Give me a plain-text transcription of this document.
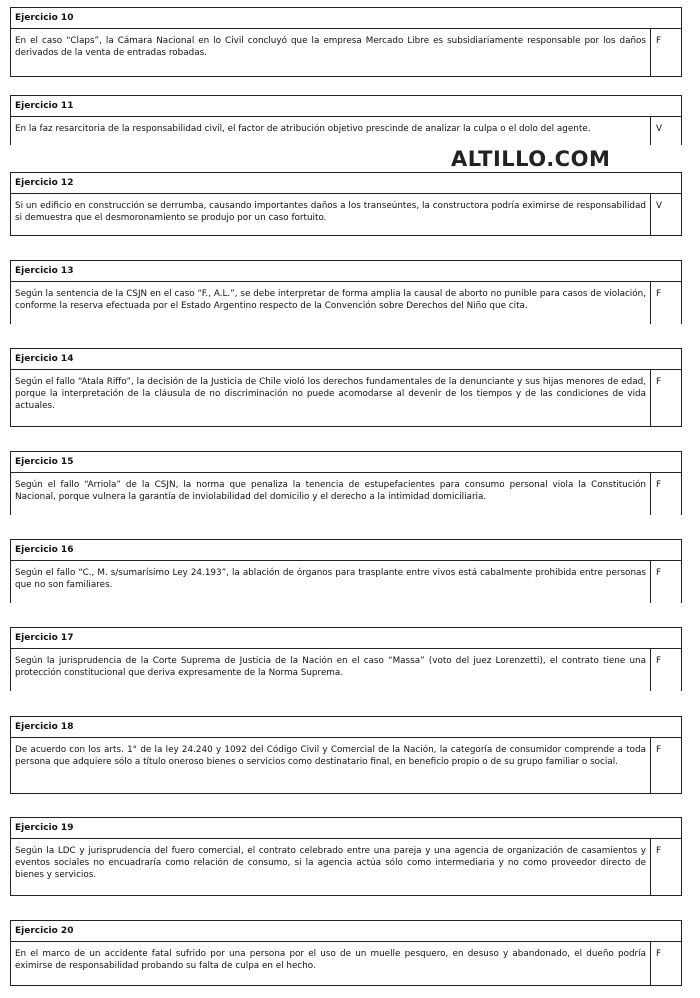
Ejercicio 10
En el caso “Claps”, la Cámara Nacional en lo Civil concluyó que la empresa Mercado Libre es subsidiariamente responsable por los daños derivados de la venta de entradas robadas.
F
Ejercicio 11
En la faz resarcitoria de la responsabilidad civil, el factor de atribución objetivo prescinde de analizar la culpa o el dolo del agente.	V
Ejercicio 12
Si un edificio en construcción se derrumba, causando importantes daños a los transeúntes, la constructora podría eximirse de responsabilidad si demuestra que el desmoronamiento se produjo por un caso fortuito.
V
Ejercicio 13
Según la sentencia de la CSJN en el caso “F., A.L.”, se debe interpretar de forma amplia la causal de aborto no punible para casos de violación, conforme la reserva efectuada por el Estado Argentino respecto de la Convención sobre Derechos del Niño que cita.
F
Ejercicio 14
Según el fallo “Atala Riffo”, la decisión de la Justicia de Chile violó los derechos fundamentales de la denunciante y sus hijas menores de edad, porque la interpretación de la cláusula de no discriminación no puede acomodarse al devenir de los tiempos y de las condiciones de vida actuales.
F
Ejercicio 15
Según el fallo “Arriola” de la CSJN, la norma que penaliza la tenencia de estupefacientes para consumo personal viola la Constitución Nacional, porque vulnera la garantía de inviolabilidad del domicilio y el derecho a la intimidad domiciliaria.
F
Ejercicio 16
Según el fallo “C., M. s/sumarísimo Ley 24.193”, la ablación de órganos para trasplante entre vivos está cabalmente prohibida entre personas que no son familiares.
F
Ejercicio 17
Según la jurisprudencia de la Corte Suprema de Justicia de la Nación en el caso “Massa” (voto del juez Lorenzetti), el contrato tiene una protección constitucional que deriva expresamente de la Norma Suprema.
F
Ejercicio 18
De acuerdo con los arts. 1° de la ley 24.240 y 1092 del Código Civil y Comercial de la Nación, la categoría de consumidor comprende a toda persona que adquiere sólo a título oneroso bienes o servicios como destinatario final, en beneficio propio o de su grupo familiar o social.
F
Ejercicio 19
Según la LDC y jurisprudencia del fuero comercial, el contrato celebrado entre una pareja y una agencia de organización de casamientos y eventos sociales no encuadraría como relación de consumo, si la agencia actúa sólo como intermediaria y no como proveedor directo de bienes y servicios.
F
Ejercicio 20
En el marco de un accidente fatal sufrido por una persona por el uso de un muelle pesquero, en desuso y abandonado, el dueño podría eximirse de responsabilidad probando su falta de culpa en el hecho.
F
ALTILLO.COM
